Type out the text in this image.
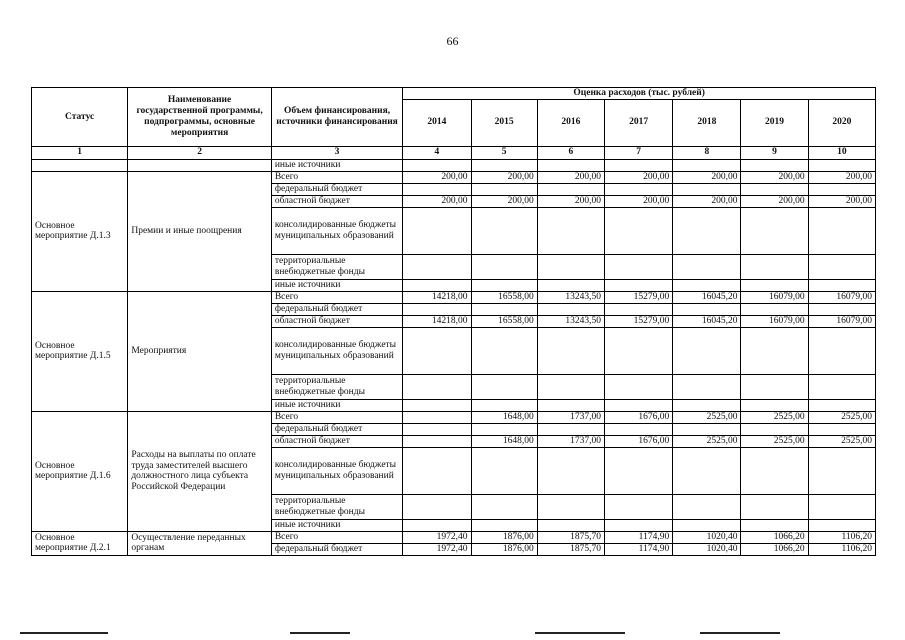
66
Статус	Наименование государственной программы, подпрограммы, основные мероприятия	Объем финансирования, источники финансирования	Оценка расходов (тыс. рублей)						
			2014	2015	2016	2017	2018	2019	2020
1	2	3	4	5	6	7	8	9	10
		иные источники							
Основное мероприятие Д.1.3	Премии и иные поощрения	Всего	200,00	200,00	200,00	200,00	200,00	200,00	200,00
		федеральный бюджет							
		областной бюджет	200,00	200,00	200,00	200,00	200,00	200,00	200,00
		консолидированные бюджеты муниципальных образований							
		территориальные внебюджетные фонды							
		иные источники							
Основное мероприятие Д.1.5	Мероприятия	Всего	14218,00	16558,00	13243,50	15279,00	16045,20	16079,00	16079,00
		федеральный бюджет							
		областной бюджет	14218,00	16558,00	13243,50	15279,00	16045,20	16079,00	16079,00
		консолидированные бюджеты муниципальных образований							
		территориальные внебюджетные фонды							
		иные источники							
Основное мероприятие Д.1.6	Расходы на выплаты по оплате труда заместителей высшего должностного лица субъекта Российской Федерации	Всего		1648,00	1737,00	1676,00	2525,00	2525,00	2525,00
		федеральный бюджет							
		областной бюджет		1648,00	1737,00	1676,00	2525,00	2525,00	2525,00
		консолидированные бюджеты муниципальных образований							
		территориальные внебюджетные фонды							
		иные источники							
Основное мероприятие Д.2.1	Осуществление переданных органам	Всего	1972,40	1876,00	1875,70	1174,90	1020,40	1066,20	1106,20
		федеральный бюджет	1972,40	1876,00	1875,70	1174,90	1020,40	1066,20	1106,20
